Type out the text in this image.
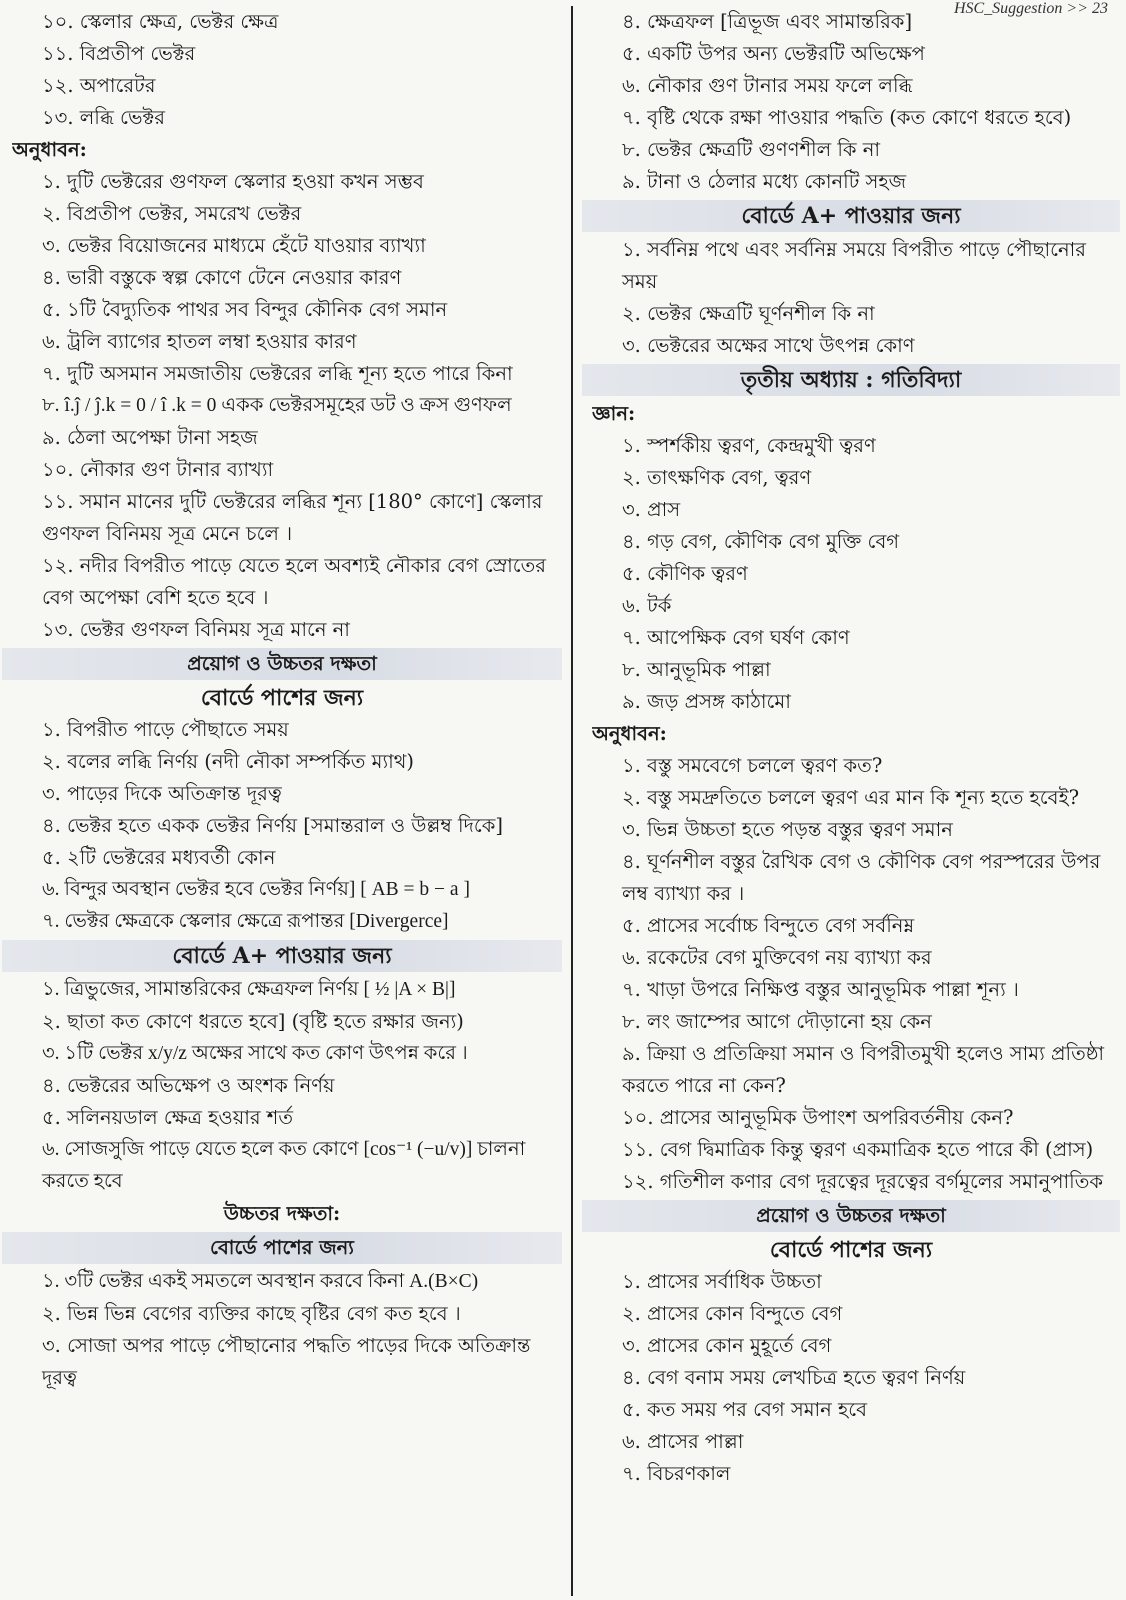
HSC_Suggestion >> 23
১০. স্কেলার ক্ষেত্র, ভেক্টর ক্ষেত্র
১১. বিপ্রতীপ ভেক্টর
১২. অপারেটর
১৩. লব্ধি ভেক্টর
অনুধাবন:
১. দুটি ভেক্টরের গুণফল স্কেলার হওয়া কখন সম্ভব
২. বিপ্রতীপ ভেক্টর, সমরেখ ভেক্টর
৩. ভেক্টর বিয়োজনের মাধ্যমে হেঁটে যাওয়ার ব্যাখ্যা
৪. ভারী বস্তুকে স্বল্প কোণে টেনে নেওয়ার কারণ
৫. ১টি বৈদ্যুতিক পাথর সব বিন্দুর কৌনিক বেগ সমান
৬. ট্রলি ব্যাগের হাতল লম্বা হওয়ার কারণ
৭. দুটি অসমান সমজাতীয় ভেক্টরের লব্ধি শূন্য হতে পারে কিনা
৮. î.ĵ / ĵ.k = 0 / î .k = 0 একক ভেক্টরসমূহের ডট ও ক্রস গুণফল
৯. ঠেলা অপেক্ষা টানা সহজ
১০. নৌকার গুণ টানার ব্যাখ্যা
১১. সমান মানের দুটি ভেক্টরের লব্ধির শূন্য [180° কোণে] স্কেলার গুণফল বিনিময় সূত্র মেনে চলে ।
১২. নদীর বিপরীত পাড়ে যেতে হলে অবশ্যই নৌকার বেগ স্রোতের বেগ অপেক্ষা বেশি হতে হবে ।
১৩. ভেক্টর গুণফল বিনিময় সূত্র মানে না
প্রয়োগ ও উচ্চতর দক্ষতা
বোর্ডে পাশের জন্য
১. বিপরীত পাড়ে পৌছাতে সময়
২. বলের লব্ধি নির্ণয় (নদী নৌকা সম্পর্কিত ম্যাথ)
৩. পাড়ের দিকে অতিক্রান্ত দূরত্ব
৪. ভেক্টর হতে একক ভেক্টর নির্ণয় [সমান্তরাল ও উল্লম্ব দিকে]
৫. ২টি ভেক্টরের মধ্যবর্তী কোন
৬. বিন্দুর অবস্থান ভেক্টর হবে ভেক্টর নির্ণয়] [ AB = b − a ]
৭. ভেক্টর ক্ষেত্রকে স্কেলার ক্ষেত্রে রূপান্তর [Divergerce]
বোর্ডে A+ পাওয়ার জন্য
১. ত্রিভুজের, সামান্তরিকের ক্ষেত্রফল নির্ণয় [ ½ |A × B|]
২. ছাতা কত কোণে ধরতে হবে] (বৃষ্টি হতে রক্ষার জন্য)
৩. ১টি ভেক্টর x/y/z অক্ষের সাথে কত কোণ উৎপন্ন করে ।
৪. ভেক্টরের অভিক্ষেপ ও অংশক নির্ণয়
৫. সলিনয়ডাল ক্ষেত্র হওয়ার শর্ত
৬. সোজসুজি পাড়ে যেতে হলে কত কোণে [cos⁻¹ (−u/v)] চালনা করতে হবে
উচ্চতর দক্ষতা:
বোর্ডে পাশের জন্য
১. ৩টি ভেক্টর একই সমতলে অবস্থান করবে কিনা A.(B×C)
২. ভিন্ন ভিন্ন বেগের ব্যক্তির কাছে বৃষ্টির বেগ কত হবে ।
৩. সোজা অপর পাড়ে পৌছানোর পদ্ধতি পাড়ের দিকে অতিক্রান্ত দূরত্ব
৪. ক্ষেত্রফল [ত্রিভূজ এবং সামান্তরিক]
৫. একটি উপর অন্য ভেক্টরটি অভিক্ষেপ
৬. নৌকার গুণ টানার সময় ফলে লব্ধি
৭. বৃষ্টি থেকে রক্ষা পাওয়ার পদ্ধতি (কত কোণে ধরতে হবে)
৮. ভেক্টর ক্ষেত্রটি গুণণশীল কি না
৯. টানা ও ঠেলার মধ্যে কোনটি সহজ
বোর্ডে A+ পাওয়ার জন্য
১. সর্বনিম্ন পথে এবং সর্বনিম্ন সময়ে বিপরীত পাড়ে পৌছানোর সময়
২. ভেক্টর ক্ষেত্রটি ঘূর্ণনশীল কি না
৩. ভেক্টরের অক্ষের সাথে উৎপন্ন কোণ
তৃতীয় অধ্যায় : গতিবিদ্যা
জ্ঞান:
১. স্পর্শকীয় ত্বরণ, কেন্দ্রমুখী ত্বরণ
২. তাৎক্ষণিক বেগ, ত্বরণ
৩. প্রাস
৪. গড় বেগ, কৌণিক বেগ মুক্তি বেগ
৫. কৌণিক ত্বরণ
৬. টর্ক
৭. আপেক্ষিক বেগ ঘর্ষণ কোণ
৮. আনুভূমিক পাল্লা
৯. জড় প্রসঙ্গ কাঠামো
অনুধাবন:
১. বস্তু সমবেগে চললে ত্বরণ কত?
২. বস্তু সমদ্রুতিতে চললে ত্বরণ এর মান কি শূন্য হতে হবেই?
৩. ভিন্ন উচ্চতা হতে পড়ন্ত বস্তুর ত্বরণ সমান
৪. ঘূর্ণনশীল বস্তুর রৈখিক বেগ ও কৌণিক বেগ পরস্পরের উপর লম্ব ব্যাখ্যা কর ।
৫. প্রাসের সর্বোচ্চ বিন্দুতে বেগ সর্বনিম্ন
৬. রকেটের বেগ মুক্তিবেগ নয় ব্যাখ্যা কর
৭. খাড়া উপরে নিক্ষিপ্ত বস্তুর আনুভূমিক পাল্লা শূন্য ।
৮. লং জাম্পের আগে দৌড়ানো হয় কেন
৯. ক্রিয়া ও প্রতিক্রিয়া সমান ও বিপরীতমুখী হলেও সাম্য প্রতিষ্ঠা করতে পারে না কেন?
১০. প্রাসের আনুভূমিক উপাংশ অপরিবর্তনীয় কেন?
১১. বেগ দ্বিমাত্রিক কিন্তু ত্বরণ একমাত্রিক হতে পারে কী (প্রাস)
১২. গতিশীল কণার বেগ দূরত্বের দূরত্বের বর্গমূলের সমানুপাতিক
প্রয়োগ ও উচ্চতর দক্ষতা
বোর্ডে পাশের জন্য
১. প্রাসের সর্বাধিক উচ্চতা
২. প্রাসের কোন বিন্দুতে বেগ
৩. প্রাসের কোন মুহূর্তে বেগ
৪. বেগ বনাম সময় লেখচিত্র হতে ত্বরণ নির্ণয়
৫. কত সময় পর বেগ সমান হবে
৬. প্রাসের পাল্লা
৭. বিচরণকাল
